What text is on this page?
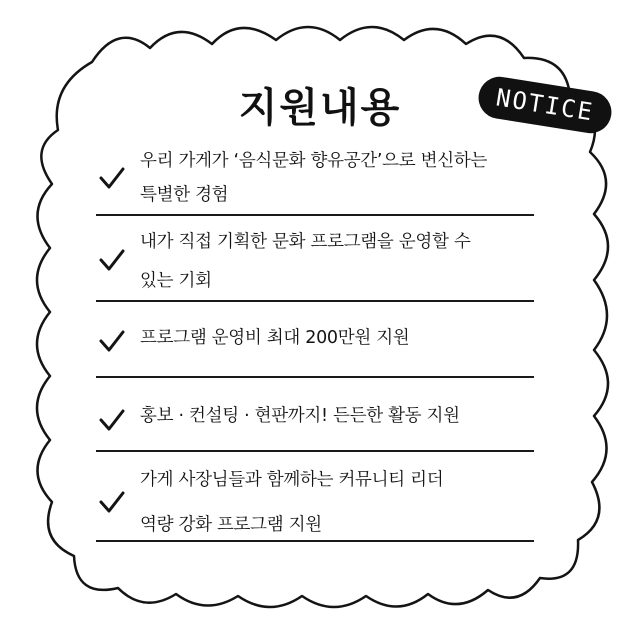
지원내용	NOTICE
우리 가게가 ‘음식문화 향유공간’으로 변신하는
특별한 경험
내가 직접 기획한 문화 프로그램을 운영할 수
있는 기회
프로그램 운영비 최대 200만원 지원
홍보 · 컨설팅 · 현판까지! 든든한 활동 지원
가게 사장님들과 함께하는 커뮤니티 리더
역량 강화 프로그램 지원
